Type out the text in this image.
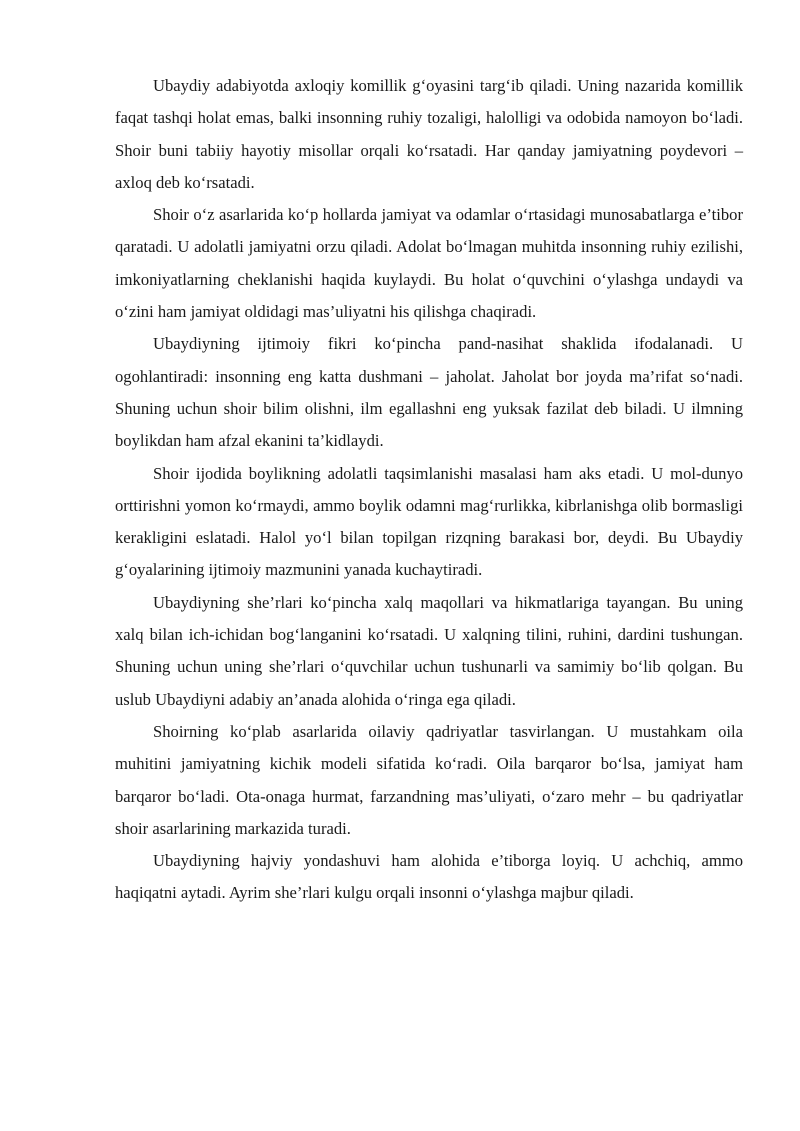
Ubaydiy adabiyotda axloqiy komillik g‘oyasini targ‘ib qiladi. Uning nazarida komillik faqat tashqi holat emas, balki insonning ruhiy tozaligi, halolligi va odobida namoyon bo‘ladi. Shoir buni tabiiy hayotiy misollar orqali ko‘rsatadi. Har qanday jamiyatning poydevori – axloq deb ko‘rsatadi.

Shoir o‘z asarlarida ko‘p hollarda jamiyat va odamlar o‘rtasidagi munosabatlarga e’tibor qaratadi. U adolatli jamiyatni orzu qiladi. Adolat bo‘lmagan muhitda insonning ruhiy ezilishi, imkoniyatlarning cheklanishi haqida kuylaydi. Bu holat o‘quvchini o‘ylashga undaydi va o‘zini ham jamiyat oldidagi mas’uliyatni his qilishga chaqiradi.

Ubaydiyning ijtimoiy fikri ko‘pincha pand-nasihat shaklida ifodalanadi. U ogohlantiradi: insonning eng katta dushmani – jaholat. Jaholat bor joyda ma’rifat so‘nadi. Shuning uchun shoir bilim olishni, ilm egallashni eng yuksak fazilat deb biladi. U ilmning boylikdan ham afzal ekanini ta’kidlaydi.

Shoir ijodida boylikning adolatli taqsimlanishi masalasi ham aks etadi. U mol-dunyo orttirishni yomon ko‘rmaydi, ammo boylik odamni mag‘rurlikka, kibrlanishga olib bormasligi kerakligini eslatadi. Halol yo‘l bilan topilgan rizqning barakasi bor, deydi. Bu Ubaydiy g‘oyalarining ijtimoiy mazmunini yanada kuchaytiradi.

Ubaydiyning she’rlari ko‘pincha xalq maqollari va hikmatlariga tayangan. Bu uning xalq bilan ich-ichidan bog‘langanini ko‘rsatadi. U xalqning tilini, ruhini, dardini tushungan. Shuning uchun uning she’rlari o‘quvchilar uchun tushunarli va samimiy bo‘lib qolgan. Bu uslub Ubaydiyni adabiy an’anada alohida o‘ringa ega qiladi.

Shoirning ko‘plab asarlarida oilaviy qadriyatlar tasvirlangan. U mustahkam oila muhitini jamiyatning kichik modeli sifatida ko‘radi. Oila barqaror bo‘lsa, jamiyat ham barqaror bo‘ladi. Ota-onaga hurmat, farzandning mas’uliyati, o‘zaro mehr – bu qadriyatlar shoir asarlarining markazida turadi.

Ubaydiyning hajviy yondashuvi ham alohida e’tiborga loyiq. U achchiq, ammo haqiqatni aytadi. Ayrim she’rlari kulgu orqali insonni o‘ylashga majbur qiladi.
